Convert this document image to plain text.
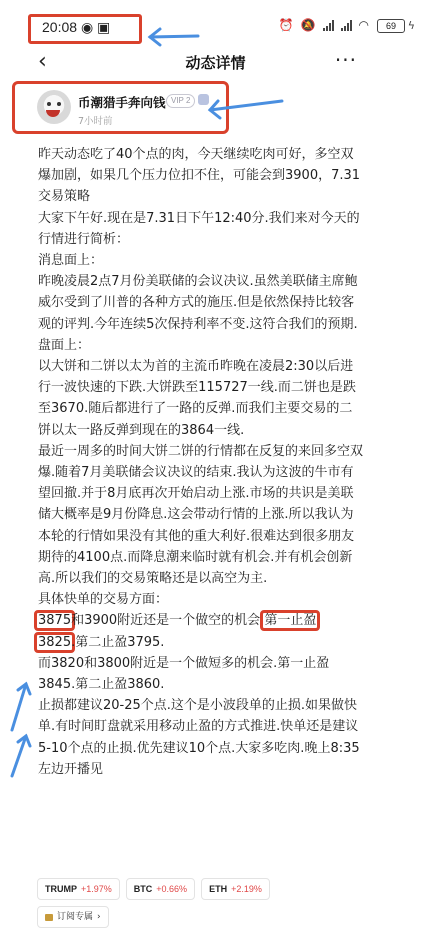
20:08 ◉ ▣	⏰ 🔕	◠	69	ϟ
‹	动态详情	···
币潮猎手奔向钱 VIP 2
7小时前

昨天动态吃了40个点的肉，今天继续吃肉可好，多空双爆加剧，如果几个压力位扣不住，可能会到3900，7.31交易策略

大家下午好.现在是7.31日下午12:40分.我们来对今天的行情进行简析：

消息面上：

昨晚凌晨2点7月份美联储的会议决议.虽然美联储主席鲍威尔受到了川普的各种方式的施压.但是依然保持比较客观的评判.今年连续5次保持利率不变.这符合我们的预期.

盘面上：

以大饼和二饼以太为首的主流币昨晚在凌晨2:30以后进行一波快速的下跌.大饼跌至115727一线.而二饼也是跌至3670.随后都进行了一路的反弹.而我们主要交易的二饼以太一路反弹到现在的3864一线.

最近一周多的时间大饼二饼的行情都在反复的来回多空双爆.随着7月美联储会议决议的结束.我认为这波的牛市有望回撤.并于8月底再次开始启动上涨.市场的共识是美联储大概率是9月份降息.这会带动行情的上涨.所以我认为本轮的行情如果没有其他的重大利好.很难达到很多朋友期待的4100点.而降息潮来临时就有机会.并有机会创新高.所以我们的交易策略还是以高空为主.

具体快单的交易方面：

3875和3900附近还是一个做空的机会.第一止盈

3825.第二止盈3795.

而3820和3800附近是一个做短多的机会.第一止盈3845.第二止盈3860.

止损都建议20-25个点.这个是小波段单的止损.如果做快单.有时间盯盘就采用移动止盈的方式推进.快单还是建议5-10个点的止损.优先建议10个点.大家多吃肉.晚上8:35左边开播见

TRUMP +1.97%	BTC +0.66%	ETH +2.19%
订阅专属 ›
